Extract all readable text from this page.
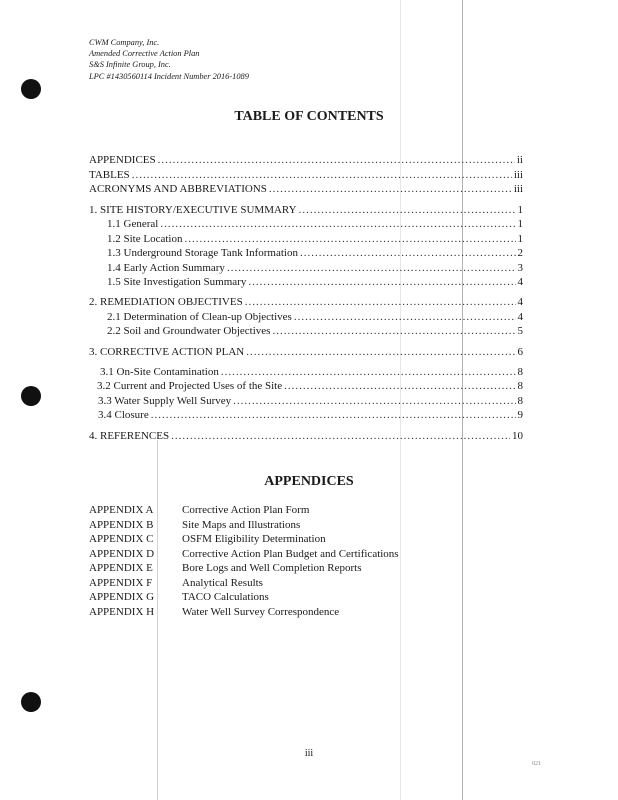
CWM Company, Inc.
Amended Corrective Action Plan
S&S Infinite Group, Inc.
LPC #1430560114 Incident Number 2016-1089
TABLE OF CONTENTS
APPENDICES .....	ii
TABLES .....	iii
ACRONYMS AND ABBREVIATIONS .....	iii
1. SITE HISTORY/EXECUTIVE SUMMARY .....	1
1.1 General .....	1
1.2 Site Location .....	1
1.3 Underground Storage Tank Information .....	2
1.4 Early Action Summary .....	3
1.5 Site Investigation Summary .....	4
2. REMEDIATION OBJECTIVES .....	4
2.1 Determination of Clean-up Objectives .....	4
2.2 Soil and Groundwater Objectives .....	5
3. CORRECTIVE ACTION PLAN .....	6
3.1 On-Site Contamination .....	8
3.2 Current and Projected Uses of the Site .....	8
3.3 Water Supply Well Survey .....	8
3.4 Closure .....	9
4. REFERENCES .....	10
APPENDICES
APPENDIX A	Corrective Action Plan Form
APPENDIX B	Site Maps and Illustrations
APPENDIX C	OSFM Eligibility Determination
APPENDIX D	Corrective Action Plan Budget and Certifications
APPENDIX E	Bore Logs and Well Completion Reports
APPENDIX F	Analytical Results
APPENDIX G	TACO Calculations
APPENDIX H	Water Well Survey Correspondence
iii
021
